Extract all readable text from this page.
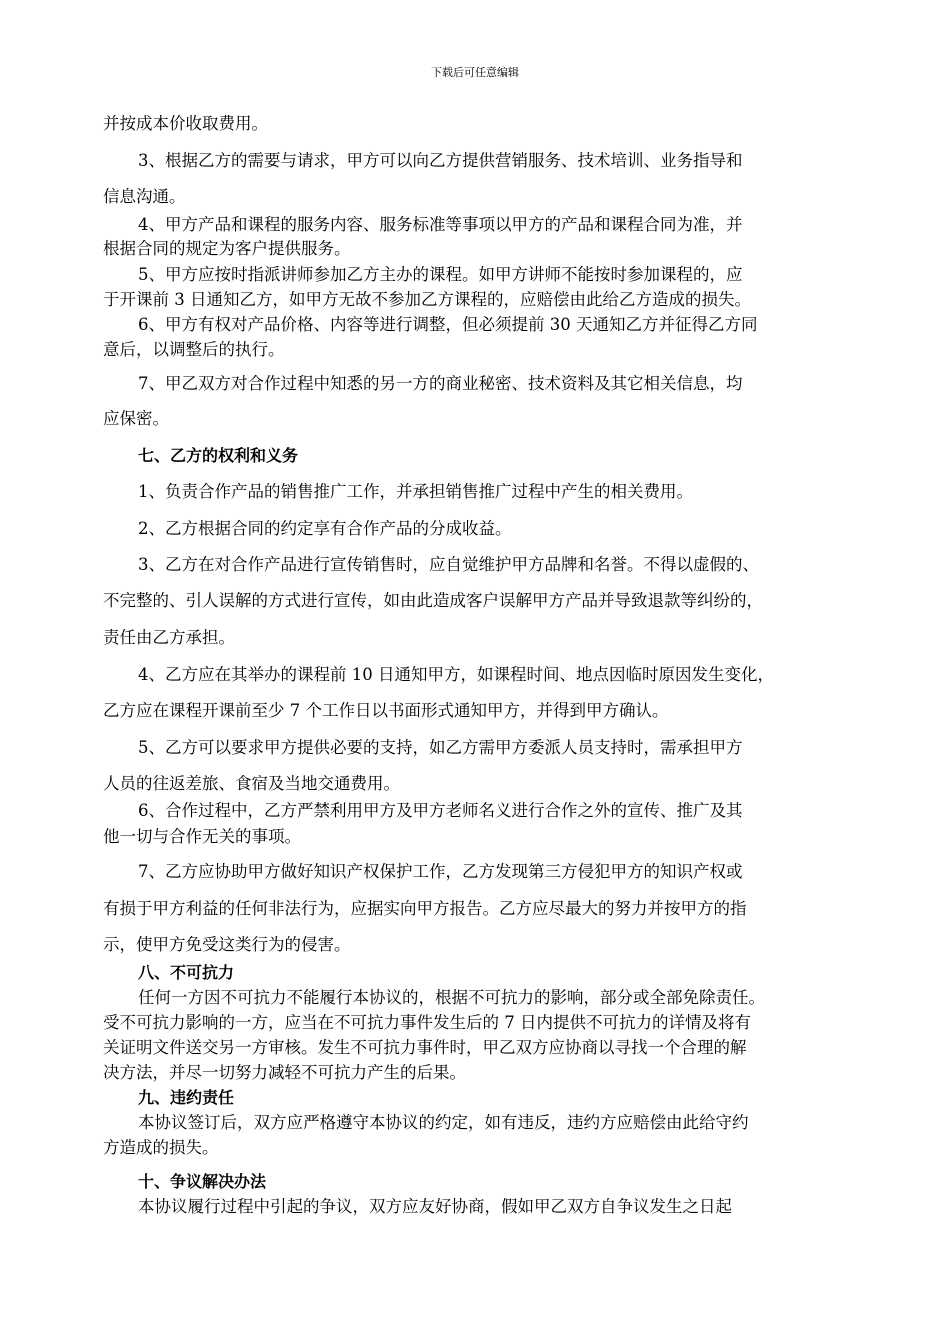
下载后可任意编辑

并按成本价收取费用。

3、根据乙方的需要与请求，甲方可以向乙方提供营销服务、技术培训、业务指导和

信息沟通。

4、甲方产品和课程的服务内容、服务标准等事项以甲方的产品和课程合同为准，并

根据合同的规定为客户提供服务。

5、甲方应按时指派讲师参加乙方主办的课程。如甲方讲师不能按时参加课程的，应

于开课前 3 日通知乙方，如甲方无故不参加乙方课程的，应赔偿由此给乙方造成的损失。

6、甲方有权对产品价格、内容等进行调整，但必须提前 30 天通知乙方并征得乙方同

意后，以调整后的执行。

7、甲乙双方对合作过程中知悉的另一方的商业秘密、技术资料及其它相关信息，均

应保密。

七、乙方的权利和义务

1、负责合作产品的销售推广工作，并承担销售推广过程中产生的相关费用。

2、乙方根据合同的约定享有合作产品的分成收益。

3、乙方在对合作产品进行宣传销售时，应自觉维护甲方品牌和名誉。不得以虚假的、

不完整的、引人误解的方式进行宣传，如由此造成客户误解甲方产品并导致退款等纠纷的，

责任由乙方承担。

4、乙方应在其举办的课程前 10 日通知甲方，如课程时间、地点因临时原因发生变化，

乙方应在课程开课前至少 7 个工作日以书面形式通知甲方，并得到甲方确认。

5、乙方可以要求甲方提供必要的支持，如乙方需甲方委派人员支持时，需承担甲方

人员的往返差旅、食宿及当地交通费用。

6、合作过程中，乙方严禁利用甲方及甲方老师名义进行合作之外的宣传、推广及其

他一切与合作无关的事项。

7、乙方应协助甲方做好知识产权保护工作，乙方发现第三方侵犯甲方的知识产权或

有损于甲方利益的任何非法行为，应据实向甲方报告。乙方应尽最大的努力并按甲方的指

示，使甲方免受这类行为的侵害。

八、不可抗力

任何一方因不可抗力不能履行本协议的，根据不可抗力的影响，部分或全部免除责任。

受不可抗力影响的一方，应当在不可抗力事件发生后的 7 日内提供不可抗力的详情及将有

关证明文件送交另一方审核。发生不可抗力事件时，甲乙双方应协商以寻找一个合理的解

决方法，并尽一切努力减轻不可抗力产生的后果。

九、违约责任

本协议签订后，双方应严格遵守本协议的约定，如有违反，违约方应赔偿由此给守约

方造成的损失。

十、争议解决办法

本协议履行过程中引起的争议，双方应友好协商，假如甲乙双方自争议发生之日起
